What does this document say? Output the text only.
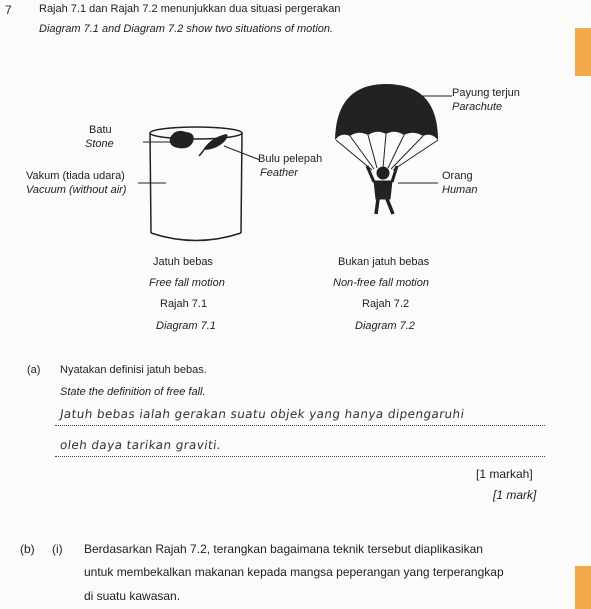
7 Rajah 7.1 dan Rajah 7.2 menunjukkan dua situasi pergerakan
Diagram 7.1 and Diagram 7.2 show two situations of motion.
Batu
Stone
Bulu pelepah
Feather
Vakum (tiada udara)
Vacuum (without air)
Payung terjun
Parachute
Orang
Human
Jatuh bebas
Free fall motion
Rajah 7.1
Diagram 7.1
Bukan jatuh bebas
Non-free fall motion
Rajah 7.2
Diagram 7.2
(a) Nyatakan definisi jatuh bebas.
State the definition of free fall.
Jatuh bebas ialah gerakan suatu objek yang hanya dipengaruhi
oleh daya tarikan graviti.
[1 markah]
[1 mark]
(b) (i) Berdasarkan Rajah 7.2, terangkan bagaimana teknik tersebut diaplikasikan
untuk membekalkan makanan kepada mangsa peperangan yang terperangkap
di suatu kawasan.
